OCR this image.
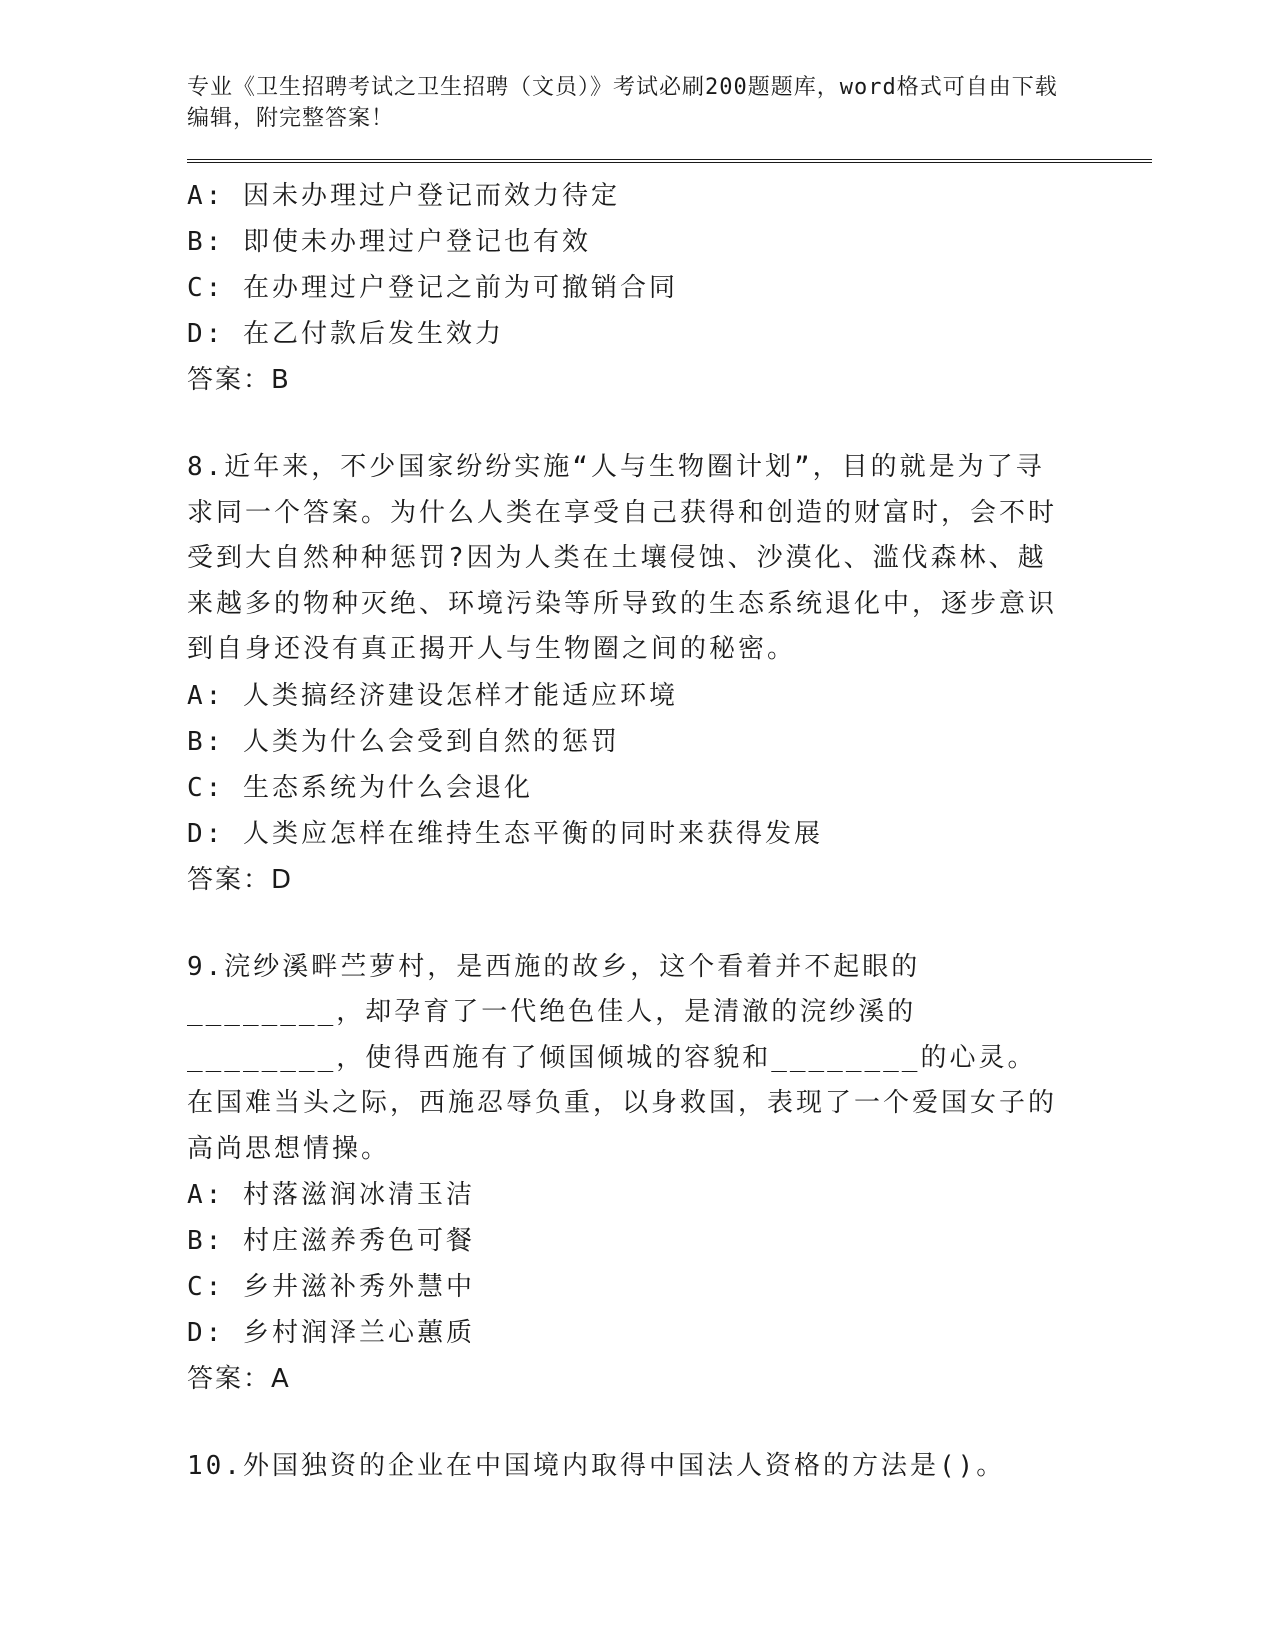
专业《卫生招聘考试之卫生招聘（文员）》考试必刷200题题库，word格式可自由下载编辑，附完整答案！

A: 因未办理过户登记而效力待定

B: 即使未办理过户登记也有效

C: 在办理过户登记之前为可撤销合同

D: 在乙付款后发生效力

答案：B

8.近年来，不少国家纷纷实施“人与生物圈计划”，目的就是为了寻求同一个答案。为什么人类在享受自己获得和创造的财富时，会不时受到大自然种种惩罚?因为人类在土壤侵蚀、沙漠化、滥伐森林、越来越多的物种灭绝、环境污染等所导致的生态系统退化中，逐步意识到自身还没有真正揭开人与生物圈之间的秘密。

A: 人类搞经济建设怎样才能适应环境

B: 人类为什么会受到自然的惩罚

C: 生态系统为什么会退化

D: 人类应怎样在维持生态平衡的同时来获得发展

答案：D

9.浣纱溪畔苎萝村，是西施的故乡，这个看着并不起眼的________，却孕育了一代绝色佳人，是清澈的浣纱溪的________，使得西施有了倾国倾城的容貌和________的心灵。在国难当头之际，西施忍辱负重，以身救国，表现了一个爱国女子的高尚思想情操。

A: 村落滋润冰清玉洁

B: 村庄滋养秀色可餐

C: 乡井滋补秀外慧中

D: 乡村润泽兰心蕙质

答案：A

10.外国独资的企业在中国境内取得中国法人资格的方法是()。
